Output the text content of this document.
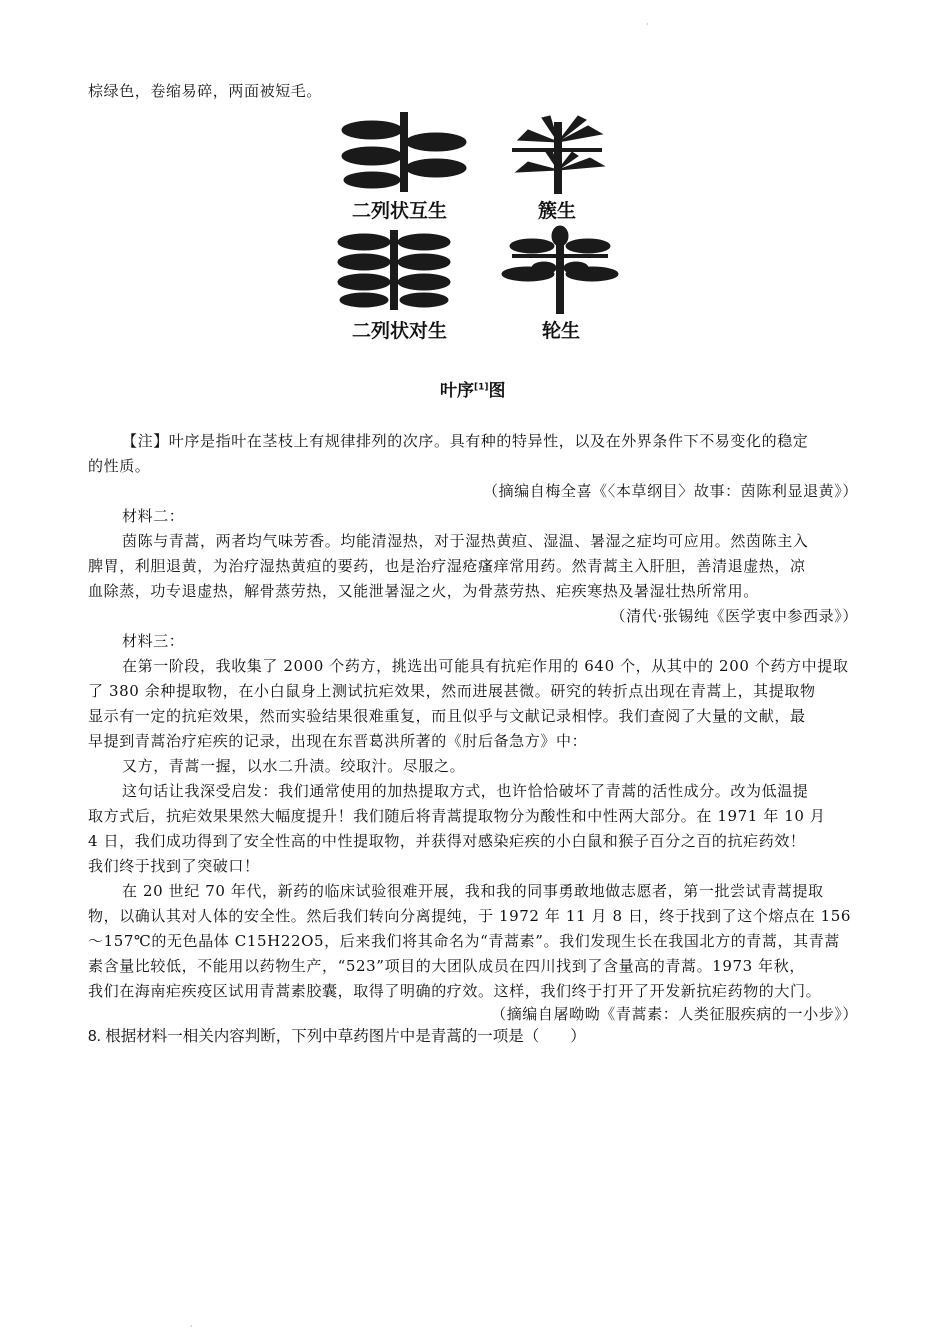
·
棕绿色，卷缩易碎，两面被短毛。
二列状互生	簇生
二列状对生	轮生
叶序[1]图
【注】叶序是指叶在茎枝上有规律排列的次序。具有种的特异性，以及在外界条件下不易变化的稳定
的性质。
（摘编自梅全喜《〈本草纲目〉故事：茵陈利显退黄》）
材料二：
茵陈与青蒿，两者均气味芳香。均能清湿热，对于湿热黄疸、湿温、暑湿之症均可应用。然茵陈主入
脾胃，利胆退黄，为治疗湿热黄疸的要药，也是治疗湿疮瘙痒常用药。然青蒿主入肝胆，善清退虚热，凉
血除蒸，功专退虚热，解骨蒸劳热，又能泄暑湿之火，为骨蒸劳热、疟疾寒热及暑湿壮热所常用。
（清代·张锡纯《医学衷中参西录》）
材料三：
在第一阶段，我收集了 2000 个药方，挑选出可能具有抗疟作用的 640 个，从其中的 200 个药方中提取
了 380 余种提取物，在小白鼠身上测试抗疟效果，然而进展甚微。研究的转折点出现在青蒿上，其提取物
显示有一定的抗疟效果，然而实验结果很难重复，而且似乎与文献记录相悖。我们查阅了大量的文献，最
早提到青蒿治疗疟疾的记录，出现在东晋葛洪所著的《肘后备急方》中：
又方，青蒿一握，以水二升渍。绞取汁。尽服之。
这句话让我深受启发：我们通常使用的加热提取方式，也许恰恰破坏了青蒿的活性成分。改为低温提
取方式后，抗疟效果果然大幅度提升！我们随后将青蒿提取物分为酸性和中性两大部分。在 1971 年 10 月
4 日，我们成功得到了安全性高的中性提取物，并获得对感染疟疾的小白鼠和猴子百分之百的抗疟药效！
我们终于找到了突破口！
在 20 世纪 70 年代，新药的临床试验很难开展，我和我的同事勇敢地做志愿者，第一批尝试青蒿提取
物，以确认其对人体的安全性。然后我们转向分离提纯，于 1972 年 11 月 8 日，终于找到了这个熔点在 156
～157℃的无色晶体 C15H22O5，后来我们将其命名为“青蒿素”。我们发现生长在我国北方的青蒿，其青蒿
素含量比较低，不能用以药物生产，“523”项目的大团队成员在四川找到了含量高的青蒿。1973 年秋，
我们在海南疟疾疫区试用青蒿素胶囊，取得了明确的疗效。这样，我们终于打开了开发新抗疟药物的大门。
（摘编自屠呦呦《青蒿素：人类征服疾病的一小步》）
8. 根据材料一相关内容判断，下列中草药图片中是青蒿的一项是（　　）
·
